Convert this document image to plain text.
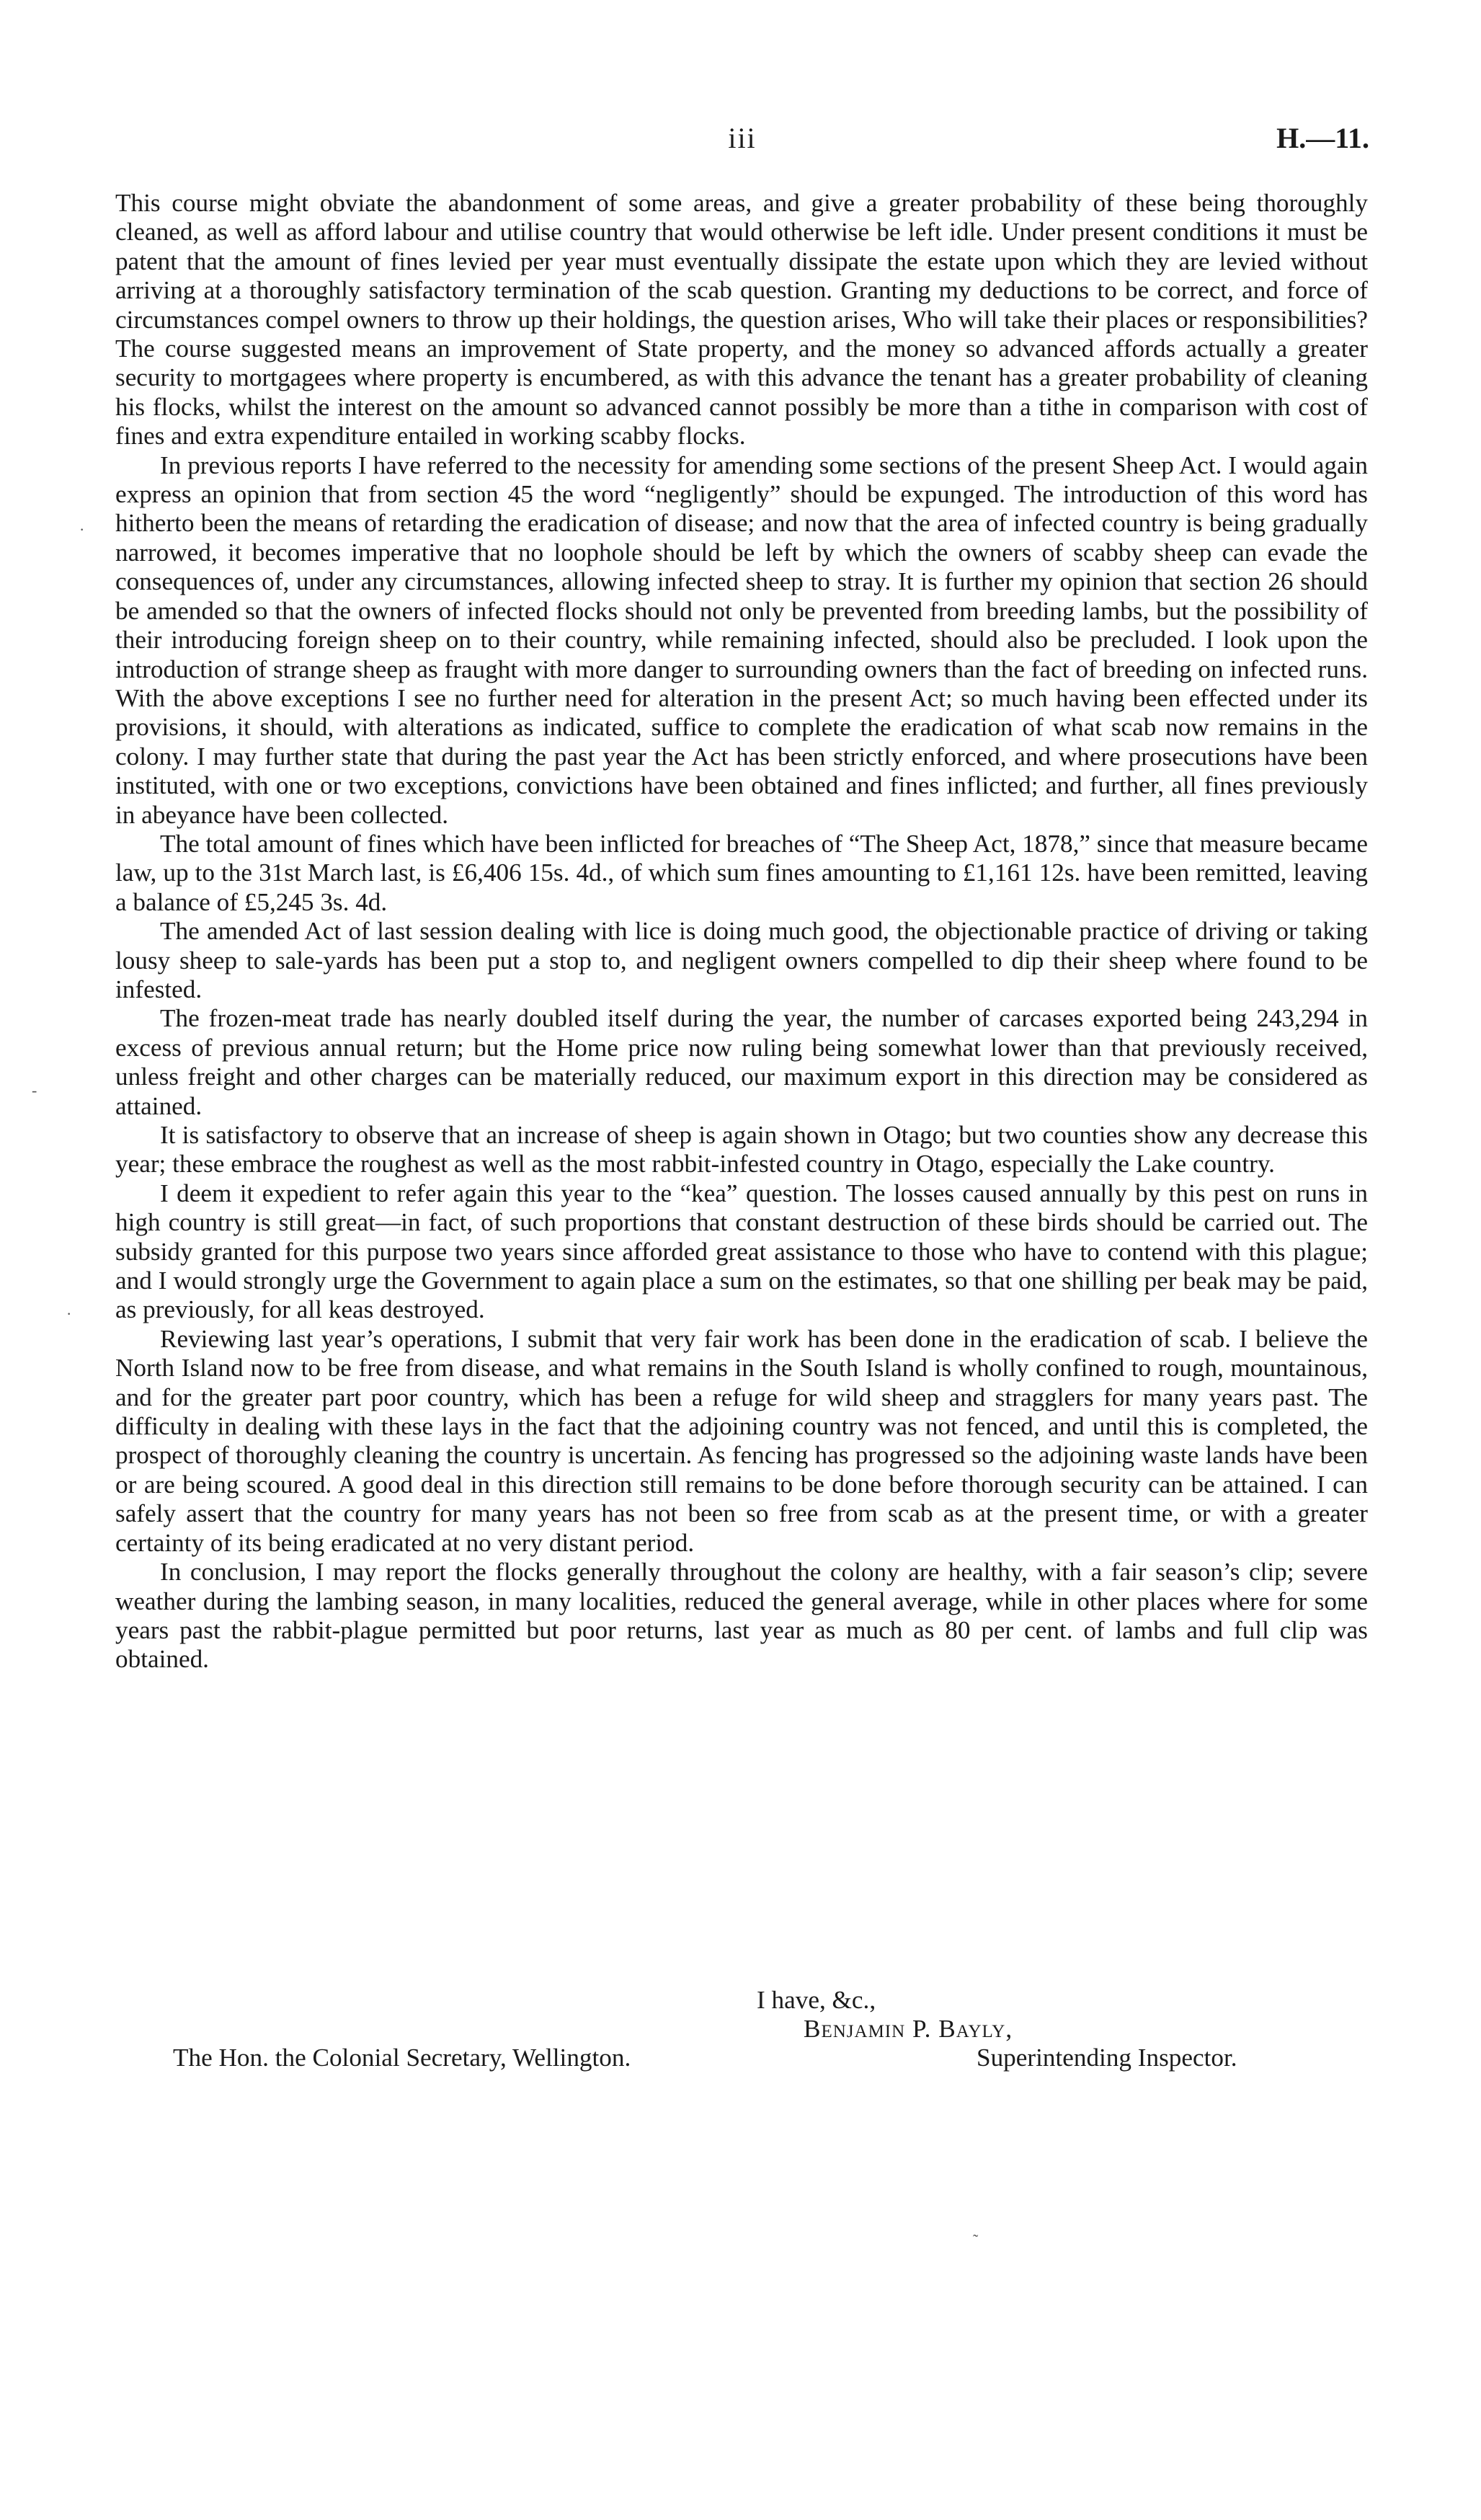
iii	H.—11.

This course might obviate the abandonment of some areas, and give a greater probability of these being thoroughly cleaned, as well as afford labour and utilise country that would otherwise be left idle. Under present conditions it must be patent that the amount of fines levied per year must eventually dissipate the estate upon which they are levied without arriving at a thoroughly satisfactory termination of the scab question. Granting my deductions to be correct, and force of circumstances compel owners to throw up their holdings, the question arises, Who will take their places or responsibilities? The course suggested means an improvement of State property, and the money so advanced affords actually a greater security to mortgagees where property is encumbered, as with this advance the tenant has a greater probability of cleaning his flocks, whilst the interest on the amount so advanced cannot possibly be more than a tithe in comparison with cost of fines and extra expenditure entailed in working scabby flocks.

In previous reports I have referred to the necessity for amending some sections of the present Sheep Act. I would again express an opinion that from section 45 the word “negligently” should be expunged. The introduction of this word has hitherto been the means of retarding the eradication of disease; and now that the area of infected country is being gradually narrowed, it becomes imperative that no loophole should be left by which the owners of scabby sheep can evade the consequences of, under any circumstances, allowing infected sheep to stray. It is further my opinion that section 26 should be amended so that the owners of infected flocks should not only be prevented from breeding lambs, but the possibility of their introducing foreign sheep on to their country, while remaining infected, should also be precluded. I look upon the introduction of strange sheep as fraught with more danger to surrounding owners than the fact of breeding on infected runs. With the above exceptions I see no further need for alteration in the present Act; so much having been effected under its provisions, it should, with alterations as indicated, suffice to complete the eradication of what scab now remains in the colony. I may further state that during the past year the Act has been strictly enforced, and where prosecutions have been instituted, with one or two exceptions, convictions have been obtained and fines inflicted; and further, all fines previously in abeyance have been collected.

The total amount of fines which have been inflicted for breaches of “The Sheep Act, 1878,” since that measure became law, up to the 31st March last, is £6,406 15s. 4d., of which sum fines amounting to £1,161 12s. have been remitted, leaving a balance of £5,245 3s. 4d.

The amended Act of last session dealing with lice is doing much good, the objectionable practice of driving or taking lousy sheep to sale-yards has been put a stop to, and negligent owners compelled to dip their sheep where found to be infested.

The frozen-meat trade has nearly doubled itself during the year, the number of carcases exported being 243,294 in excess of previous annual return; but the Home price now ruling being somewhat lower than that previously received, unless freight and other charges can be materially reduced, our maximum export in this direction may be considered as attained.

It is satisfactory to observe that an increase of sheep is again shown in Otago; but two counties show any decrease this year; these embrace the roughest as well as the most rabbit-infested country in Otago, especially the Lake country.

I deem it expedient to refer again this year to the “kea” question. The losses caused annually by this pest on runs in high country is still great—in fact, of such proportions that constant destruction of these birds should be carried out. The subsidy granted for this purpose two years since afforded great assistance to those who have to contend with this plague; and I would strongly urge the Government to again place a sum on the estimates, so that one shilling per beak may be paid, as previously, for all keas destroyed.

Reviewing last year’s operations, I submit that very fair work has been done in the eradication of scab. I believe the North Island now to be free from disease, and what remains in the South Island is wholly confined to rough, mountainous, and for the greater part poor country, which has been a refuge for wild sheep and stragglers for many years past. The difficulty in dealing with these lays in the fact that the adjoining country was not fenced, and until this is completed, the prospect of thoroughly cleaning the country is uncertain. As fencing has progressed so the adjoining waste lands have been or are being scoured. A good deal in this direction still remains to be done before thorough security can be attained. I can safely assert that the country for many years has not been so free from scab as at the present time, or with a greater certainty of its being eradicated at no very distant period.

In conclusion, I may report the flocks generally throughout the colony are healthy, with a fair season’s clip; severe weather during the lambing season, in many localities, reduced the general average, while in other places where for some years past the rabbit-plague permitted but poor returns, last year as much as 80 per cent. of lambs and full clip was obtained.

I have, &c.,
Benjamin P. Bayly,
The Hon. the Colonial Secretary, Wellington.	Superintending Inspector.
·
-
·
˜
